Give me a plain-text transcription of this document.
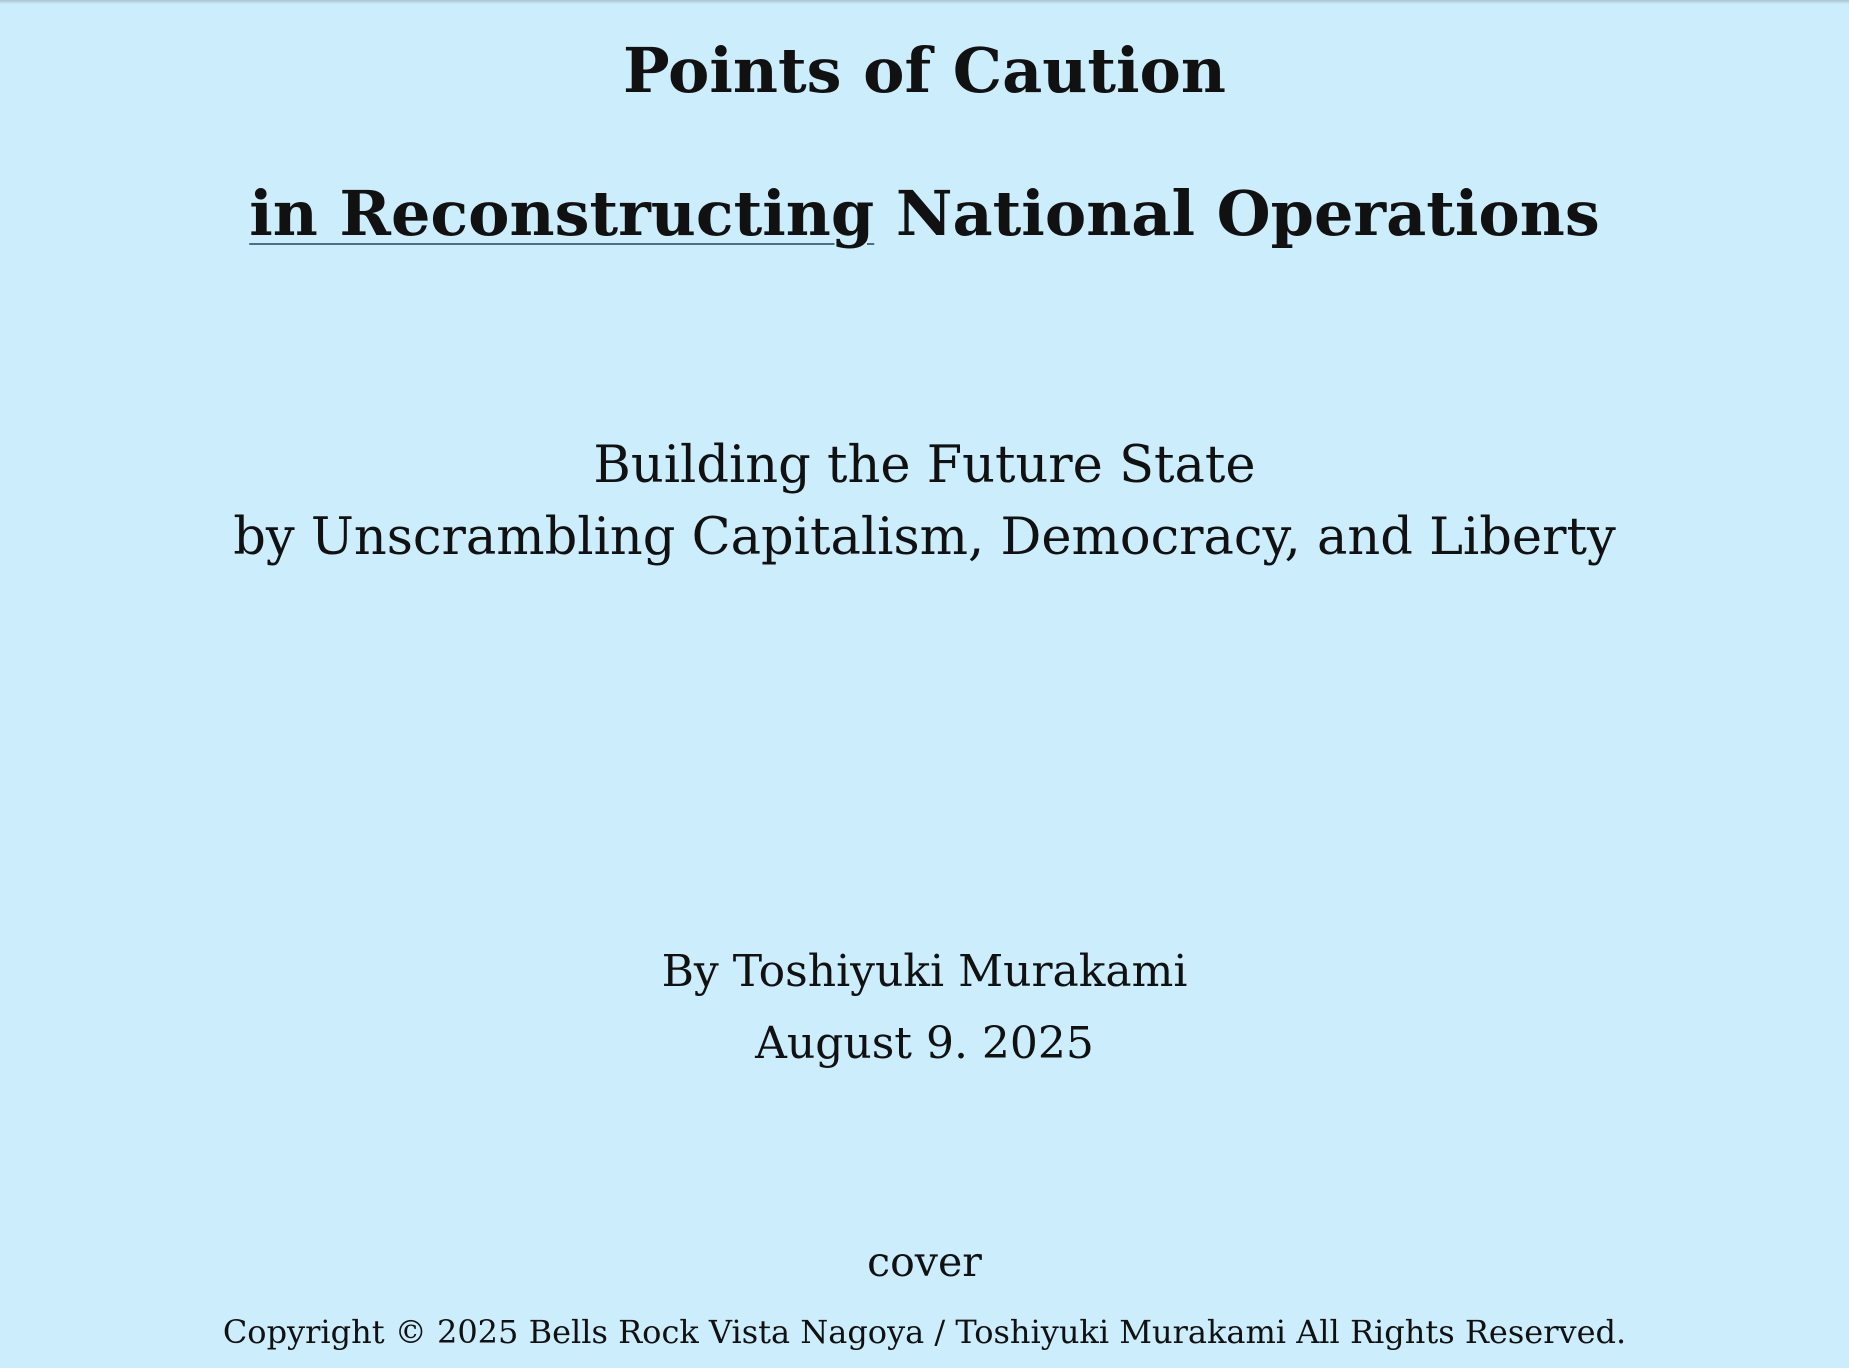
Points of Caution
in Reconstructing National Operations
Building the Future State
by Unscrambling Capitalism, Democracy, and Liberty
By Toshiyuki Murakami
August 9. 2025
cover
Copyright © 2025 Bells Rock Vista Nagoya / Toshiyuki Murakami All Rights Reserved.
